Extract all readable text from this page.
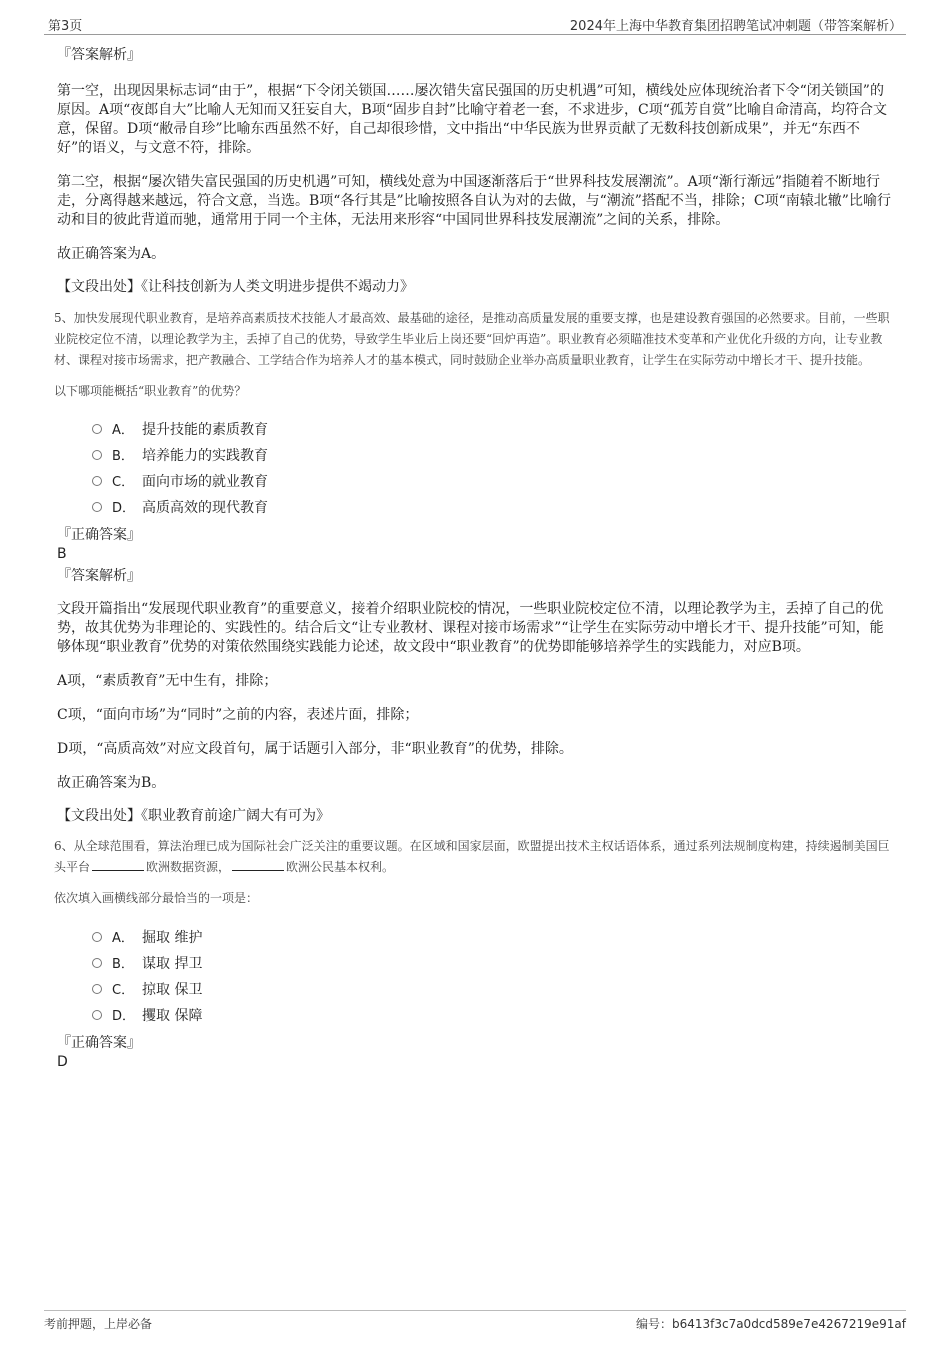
第3页	2024年上海中华教育集团招聘笔试冲刺题（带答案解析）
『答案解析』

第一空，出现因果标志词“由于”，根据“下令闭关锁国……屡次错失富民强国的历史机遇”可知，横线处应体现统治者下令“闭关锁国”的原因。A项“夜郎自大”比喻人无知而又狂妄自大，B项“固步自封”比喻守着老一套，不求进步，C项“孤芳自赏”比喻自命清高，均符合文意，保留。D项“敝帚自珍”比喻东西虽然不好，自己却很珍惜，文中指出“中华民族为世界贡献了无数科技创新成果”，并无“东西不好”的语义，与文意不符，排除。

第二空，根据“屡次错失富民强国的历史机遇”可知，横线处意为中国逐渐落后于“世界科技发展潮流”。A项“渐行渐远”指随着不断地行走，分离得越来越远，符合文意，当选。B项“各行其是”比喻按照各自认为对的去做，与“潮流”搭配不当，排除；C项“南辕北辙”比喻行动和目的彼此背道而驰，通常用于同一个主体，无法用来形容“中国同世界科技发展潮流”之间的关系，排除。

故正确答案为A。

【文段出处】《让科技创新为人类文明进步提供不竭动力》

5、加快发展现代职业教育，是培养高素质技术技能人才最高效、最基础的途径，是推动高质量发展的重要支撑，也是建设教育强国的必然要求。目前，一些职业院校定位不清，以理论教学为主，丢掉了自己的优势，导致学生毕业后上岗还要“回炉再造”。职业教育必须瞄准技术变革和产业优化升级的方向，让专业教材、课程对接市场需求，把产教融合、工学结合作为培养人才的基本模式，同时鼓励企业举办高质量职业教育，让学生在实际劳动中增长才干、提升技能。

以下哪项能概括“职业教育”的优势？

A． 提升技能的素质教育
B． 培养能力的实践教育
C． 面向市场的就业教育
D． 高质高效的现代教育
『正确答案』
B
『答案解析』

文段开篇指出“发展现代职业教育”的重要意义，接着介绍职业院校的情况，一些职业院校定位不清，以理论教学为主，丢掉了自己的优势，故其优势为非理论的、实践性的。结合后文“让专业教材、课程对接市场需求”“让学生在实际劳动中增长才干、提升技能”可知，能够体现“职业教育”优势的对策依然围绕实践能力论述，故文段中“职业教育”的优势即能够培养学生的实践能力，对应B项。

A项，“素质教育”无中生有，排除；

C项，“面向市场”为“同时”之前的内容，表述片面，排除；

D项，“高质高效”对应文段首句，属于话题引入部分，非“职业教育”的优势，排除。

故正确答案为B。

【文段出处】《职业教育前途广阔大有可为》

6、从全球范围看，算法治理已成为国际社会广泛关注的重要议题。在区域和国家层面，欧盟提出技术主权话语体系，通过系列法规制度构建，持续遏制美国巨头平台	欧洲数据资源，	欧洲公民基本权利。

依次填入画横线部分最恰当的一项是：

A． 掘取 维护
B． 谋取 捍卫
C． 掠取 保卫
D． 攫取 保障
『正确答案』
D
考前押题，上岸必备	编号：b6413f3c7a0dcd589e7e4267219e91af
